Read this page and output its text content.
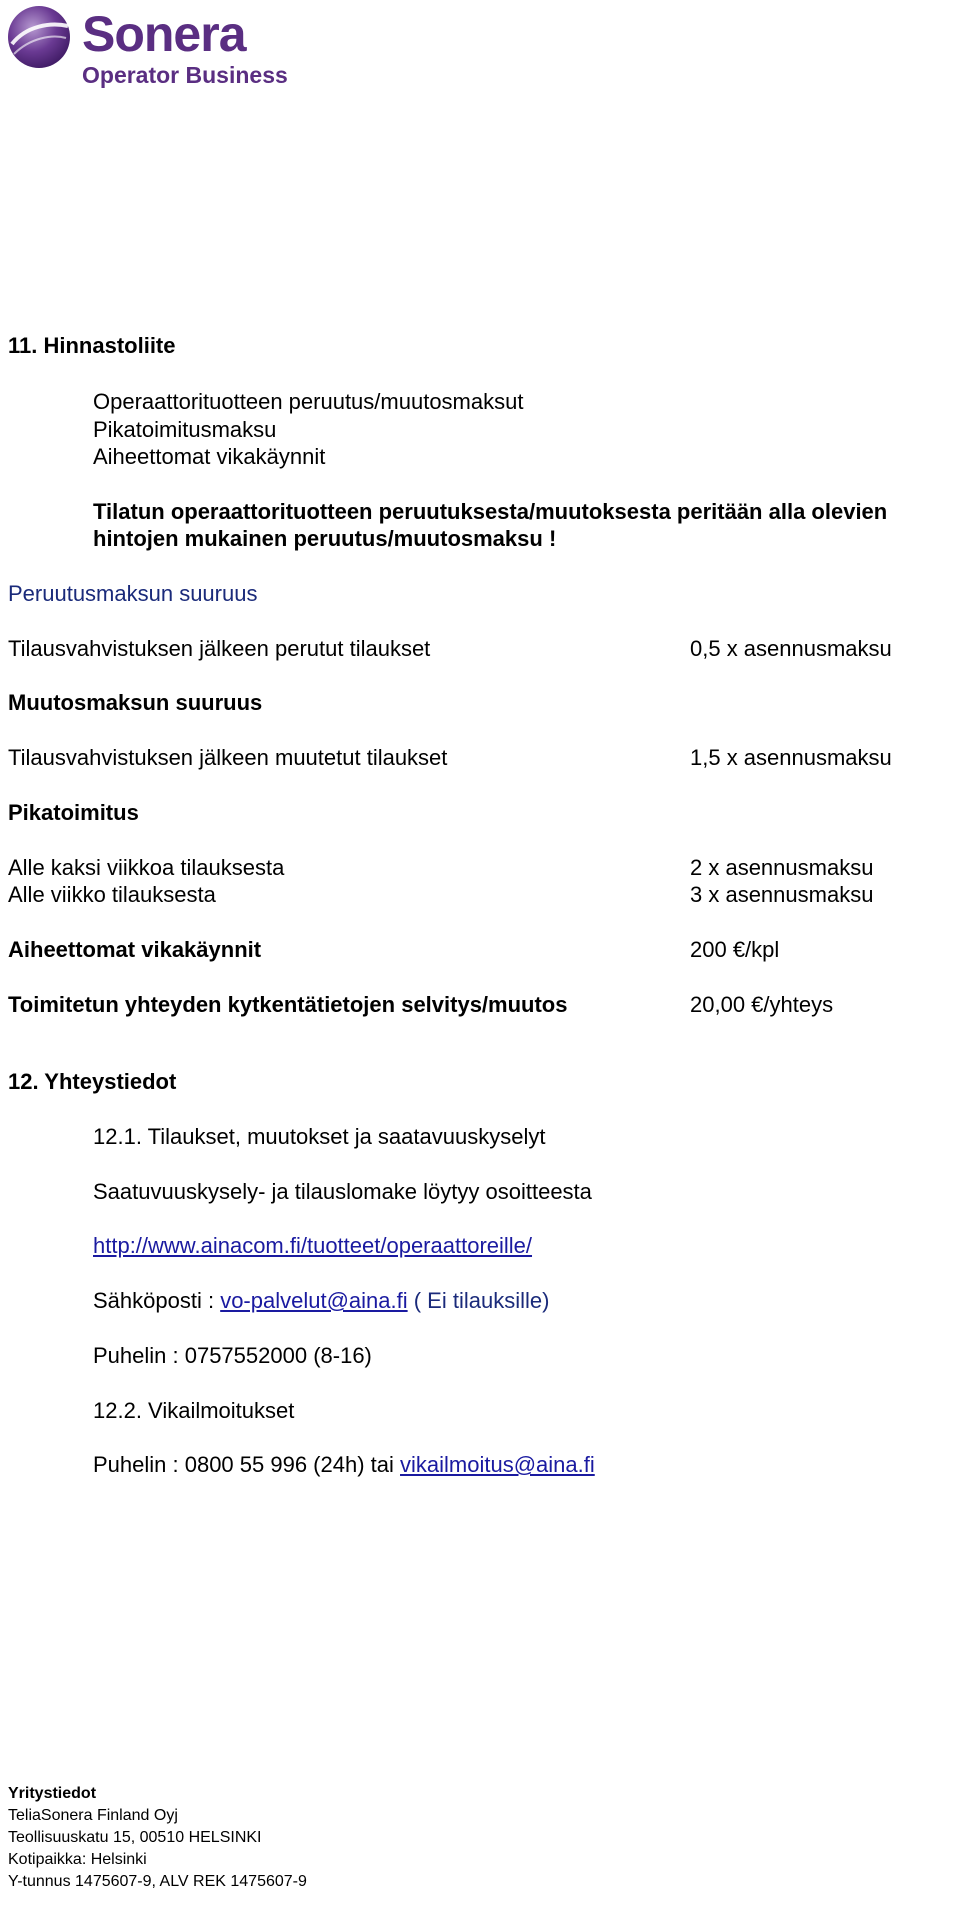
Sonera
Operator Business
11. Hinnastoliite
Operaattorituotteen peruutus/muutosmaksut
Pikatoimitusmaksu
Aiheettomat vikakäynnit
Tilatun operaattorituotteen peruutuksesta/muutoksesta peritään alla olevien
hintojen mukainen peruutus/muutosmaksu !
Peruutusmaksun suuruus
Tilausvahvistuksen jälkeen perutut tilaukset	0,5 x asennusmaksu
Muutosmaksun suuruus
Tilausvahvistuksen jälkeen muutetut tilaukset	1,5 x asennusmaksu
Pikatoimitus
Alle kaksi viikkoa tilauksesta	2 x asennusmaksu
Alle viikko tilauksesta	3 x asennusmaksu
Aiheettomat vikakäynnit	200 €/kpl
Toimitetun yhteyden kytkentätietojen selvitys/muutos	20,00 €/yhteys
12. Yhteystiedot
12.1. Tilaukset, muutokset ja saatavuuskyselyt
Saatuvuuskysely- ja tilauslomake löytyy osoitteesta
http://www.ainacom.fi/tuotteet/operaattoreille/
Sähköposti : vo-palvelut@aina.fi ( Ei tilauksille)
Puhelin : 0757552000 (8-16)
12.2. Vikailmoitukset
Puhelin : 0800 55 996 (24h) tai vikailmoitus@aina.fi
Yritystiedot
TeliaSonera Finland Oyj
Teollisuuskatu 15, 00510 HELSINKI
Kotipaikka: Helsinki
Y-tunnus 1475607-9, ALV REK 1475607-9
